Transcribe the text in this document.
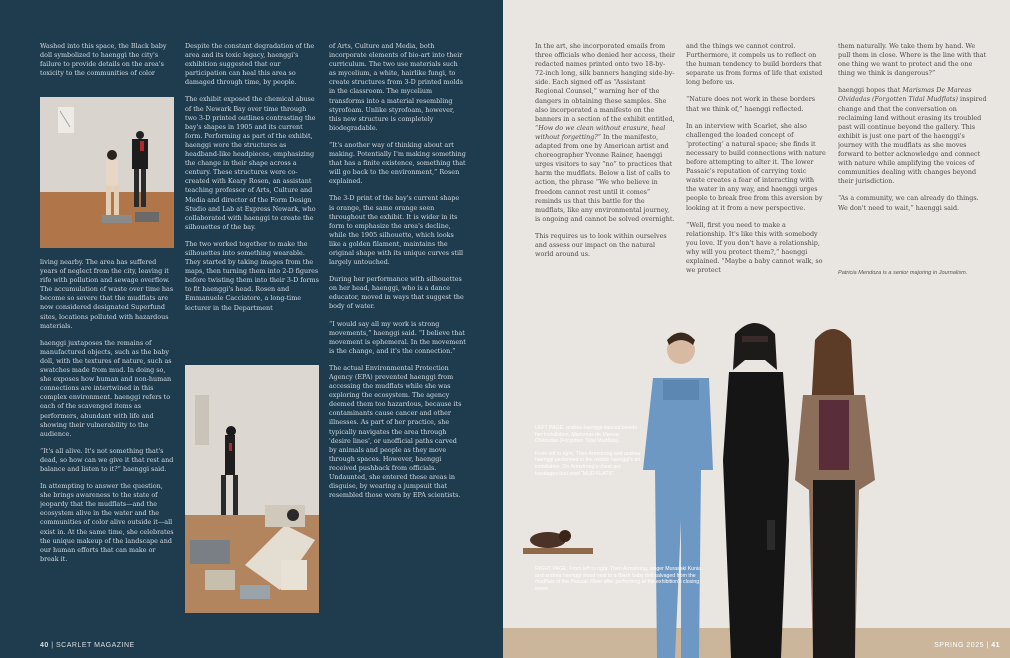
Washed into this space, the Black baby doll symbolized to haenggi the city's failure to provide details on the area's toxicity to the communities of color

living nearby. The area has suffered years of neglect from the city, leaving it rife with pollution and sewage overflow. The accumulation of waste over time has become so severe that the mudflats are now considered designated Superfund sites, locations polluted with hazardous materials.

haenggi juxtaposes the remains of manufactured objects, such as the baby doll, with the textures of nature, such as swatches made from mud. In doing so, she exposes how human and non-human connections are intertwined in this complex environment. haenggi refers to each of the scavenged items as performers, abundant with life and showing their vulnerability to the audience.

“It's all alive. It's not something that's dead, so how can we give it that rest and balance and listen to it?” haenggi said.

In attempting to answer the question, she brings awareness to the state of jeopardy that the mudflats—and the ecosystem alive in the water and the communities of color alive outside it—all exist in. At the same time, she celebrates the unique makeup of the landscape and our human efforts that can make or break it.

Despite the constant degradation of the area and its toxic legacy, haenggi's exhibition suggested that our participation can heal this area so damaged through time, by people.

The exhibit exposed the chemical abuse of the Newark Bay over time through two 3-D printed outlines contrasting the bay's shapes in 1905 and its current form. Performing as part of the exhibit, haenggi wore the structures as headband-like headpieces, emphasizing the change in their shape across a century. These structures were co-created with Keary Rosen, an assistant teaching professor of Arts, Culture and Media and director of the Form Design Studio and Lab at Express Newark, who collaborated with haenggi to create the silhouettes of the bay.

The two worked together to make the silhouettes into something wearable. They started by taking images from the maps, then turning them into 2-D figures before twisting them into their 3-D forms to fit haenggi's head. Rosen and Emmanuele Cacciatore, a long-time lecturer in the Department

of Arts, Culture and Media, both incorporate elements of bio-art into their curriculum. The two use materials such as mycelium, a white, hairlike fungi, to create structures from 3-D printed molds in the classroom. The mycelium transforms into a material resembling styrofoam. Unlike styrofoam, however, this new structure is completely biodegradable.

“It's another way of thinking about art making. Potentially I'm making something that has a finite existence, something that will go back to the environment,” Rosen explained.

The 3-D print of the bay's current shape is orange, the same orange seen throughout the exhibit. It is wider in its form to emphasize the area's decline, while the 1905 silhouette, which looks like a golden filament, maintains the original shape with its unique curves still largely untouched.

During her performance with silhouettes on her head, haenggi, who is a dance educator, moved in ways that suggest the body of water.

“I would say all my work is strong movements,” haenggi said. “I believe that movement is ephemeral. In the movement is the change, and it's the connection.”

The actual Environmental Protection Agency (EPA) prevented haenggi from accessing the mudflats while she was exploring the ecosystem. The agency deemed them too hazardous, because its contaminants cause cancer and other illnesses. As part of her practice, she typically navigates the area through 'desire lines', or unofficial paths carved by animals and people as they move through spaces. However, haenggi received pushback from officials. Undaunted, she entered these areas in disguise, by wearing a jumpsuit that resembled those worn by EPA scientists.

40 | SCARLET MAGAZINE

In the art, she incorporated emails from three officials who denied her access, their redacted names printed onto two 18-by-72-inch long, silk banners hanging side-by-side. Each signed off as “Assistant Regional Counsel,” warning her of the dangers in obtaining these samples. She also incorporated a manifesto on the banners in a section of the exhibit entitled, “How do we clean without erasure, heal without forgetting?” In the manifesto, adapted from one by American artist and choreographer Yvonne Rainer, haenggi urges visitors to say “no” to practices that harm the mudflats. Below a list of calls to action, the phrase “We who believe in freedom cannot rest until it comes” reminds us that this battle for the mudflats, like any environmental journey, is ongoing and cannot be solved overnight.

This requires us to look within ourselves and assess our impact on the natural world around us.

and the things we cannot control. Furthermore, it compels us to reflect on the human tendency to build borders that separate us from forms of life that existed long before us.

“Nature does not work in these borders that we think of,” haenggi reflected.

In an interview with Scarlet, she also challenged the loaded concept of ‘protecting’ a natural space; she finds it necessary to build connections with nature before attempting to alter it. The lower Passaic's reputation of carrying toxic waste creates a fear of interacting with the water in any way, and haenggi urges people to break free from this aversion by looking at it from a new perspective.

“Well, first you need to make a relationship. It's like this with somebody you love. If you don't have a relationship, why will you protect them?,” haenggi explained. “Maybe a baby cannot walk, so we protect

them naturally. We take them by hand. We pull them in close. Where is the line with that one thing we want to protect and the one thing we think is dangerous?”

haenggi hopes that Marismas De Mareas Olvidadas (Forgotten Tidal Mudflats) inspired change and that the conversation on reclaiming land without erasing its troubled past will continue beyond the gallery. This exhibit is just one part of the haenggi's journey with the mudflats as she moves forward to better acknowledge and connect with nature while amplifying the voices of communities dealing with changes beyond their jurisdiction.

“As a community, we can already do things. We don't need to wait,” haenggi said.

Patricia Mendoza is a senior majoring in Journalism.

LEFT PAGE: andrea haenggi danced beside her installation, Marismas de Mareas Olvidadas (Forgotten Tidal Mudflats).

From left to right, Theo Armstrong and andrea haenggi performed in the middle haenggi's art installation. On Armstrong's chest are bandages that read “MUD FLATS”.

RIGHT PAGE: From left to right: Theo Armstrong, singer Murasaki Kunia and andrea haenggi stood next to a Black baby doll salvaged from the mudflats of the Passaic River after performing at the exhibition's closing event.

SPRING 2025 | 41
